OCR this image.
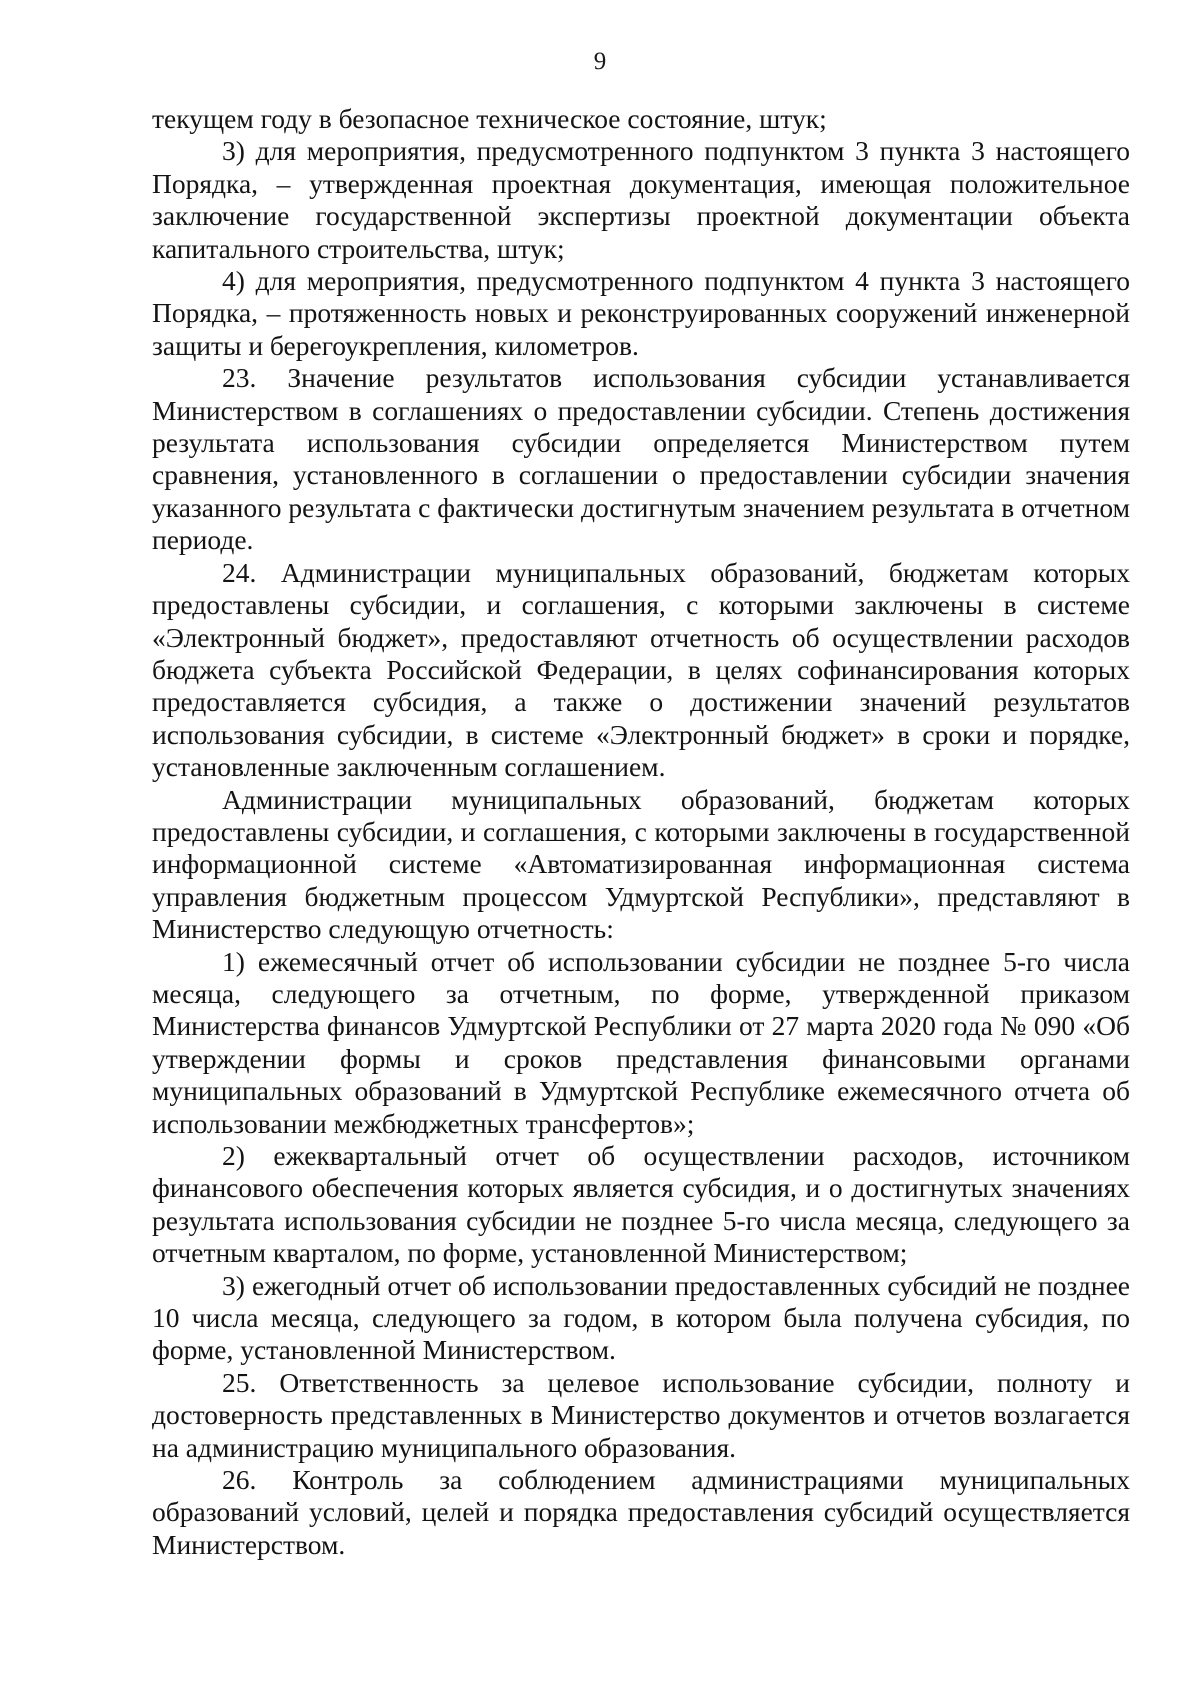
9

текущем году в безопасное техническое состояние, штук;

3) для мероприятия, предусмотренного подпунктом 3 пункта 3 настоящего Порядка, – утвержденная проектная документация, имеющая положительное заключение государственной экспертизы проектной документации объекта капитального строительства, штук;

4) для мероприятия, предусмотренного подпунктом 4 пункта 3 настоящего Порядка, – протяженность новых и реконструированных сооружений инженерной защиты и берегоукрепления, километров.

23. Значение результатов использования субсидии устанавливается Министерством в соглашениях о предоставлении субсидии. Степень достижения результата использования субсидии определяется Министерством путем сравнения, установленного в соглашении о предоставлении субсидии значения указанного результата с фактически достигнутым значением результата в отчетном периоде.

24. Администрации муниципальных образований, бюджетам которых предоставлены субсидии, и соглашения, с которыми заключены в системе «Электронный бюджет», предоставляют отчетность об осуществлении расходов бюджета субъекта Российской Федерации, в целях софинансирования которых предоставляется субсидия, а также о достижении значений результатов использования субсидии, в системе «Электронный бюджет» в сроки и порядке, установленные заключенным соглашением.

Администрации муниципальных образований, бюджетам которых предоставлены субсидии, и соглашения, с которыми заключены в государственной информационной системе «Автоматизированная информационная система управления бюджетным процессом Удмуртской Республики», представляют в Министерство следующую отчетность:

1) ежемесячный отчет об использовании субсидии не позднее 5-го числа месяца, следующего за отчетным, по форме, утвержденной приказом Министерства финансов Удмуртской Республики от 27 марта 2020 года № 090 «Об утверждении формы и сроков представления финансовыми органами муниципальных образований в Удмуртской Республике ежемесячного отчета об использовании межбюджетных трансфертов»;

2) ежеквартальный отчет об осуществлении расходов, источником финансового обеспечения которых является субсидия, и о достигнутых значениях результата использования субсидии не позднее 5-го числа месяца, следующего за отчетным кварталом, по форме, установленной Министерством;

3) ежегодный отчет об использовании предоставленных субсидий не позднее 10 числа месяца, следующего за годом, в котором была получена субсидия, по форме, установленной Министерством.

25. Ответственность за целевое использование субсидии, полноту и достоверность представленных в Министерство документов и отчетов возлагается на администрацию муниципального образования.

26. Контроль за соблюдением администрациями муниципальных образований условий, целей и порядка предоставления субсидий осуществляется Министерством.
